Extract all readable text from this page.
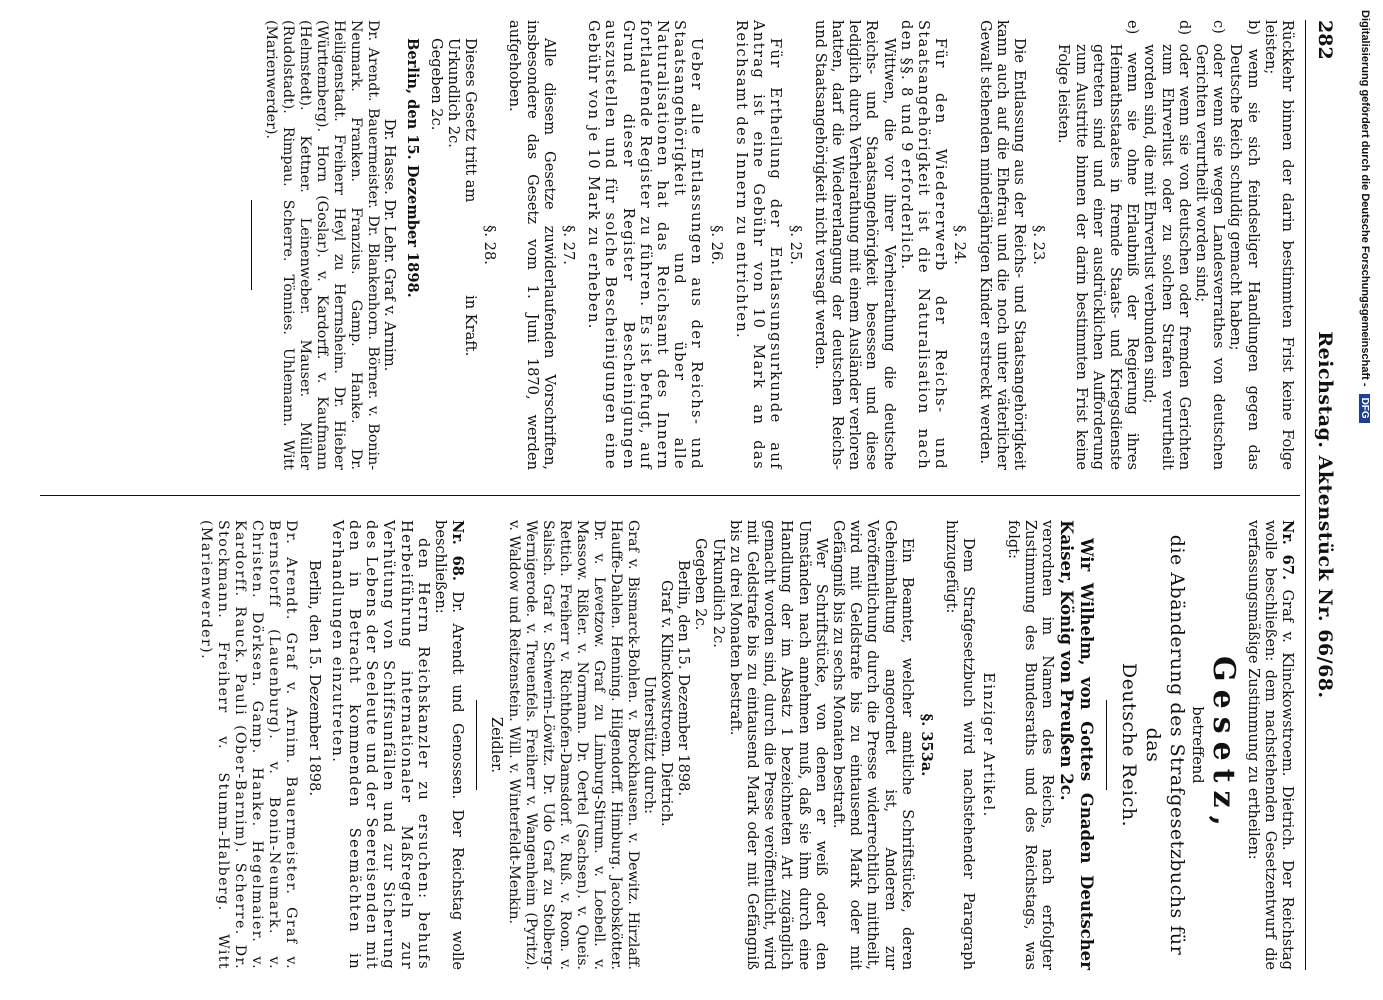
282
Reichstag. Aktenstück Nr. 66/68.

Rückkehr binnen der darin bestimmten Frist keine Folge leisten;

b) wenn sie sich feindseliger Handlungen gegen das Deutsche Reich schuldig gemacht haben;

c) oder wenn sie wegen Landesverrathes von deutschen Gerichten verurtheilt worden sind;

d) oder wenn sie von deutschen oder fremden Gerichten zum Ehrverlust oder zu solchen Strafen verurtheilt worden sind, die mit Ehrverlust verbunden sind;

e) wenn sie ohne Erlaubniß der Regierung ihres Heimathsstaates in fremde Staats- und Kriegsdienste getreten sind und einer ausdrücklichen Aufforderung zum Austritte binnen der darin bestimmten Frist keine Folge leisten.

§. 23.

Die Entlassung aus der Reichs- und Staatsangehörigkeit kann auch auf die Ehefrau und die noch unter väterlicher Gewalt stehenden minderjährigen Kinder erstreckt werden.

§. 24.

Für den Wiedererwerb der Reichs- und Staatsangehörigkeit ist die Naturalisation nach den §§. 8 und 9 erforderlich.

Wittwen, die vor ihrer Verheirathung die deutsche Reichs- und Staatsangehörigkeit besessen und diese lediglich durch Verheirathung mit einem Ausländer verloren hatten, darf die Wiedererlangung der deutschen Reichs- und Staatsangehörigkeit nicht versagt werden.

§. 25.

Für Ertheilung der Entlassungsurkunde auf Antrag ist eine Gebühr von 10 Mark an das Reichsamt des Innern zu entrichten.

§. 26.

Ueber alle Entlassungen aus der Reichs- und Staatsangehörigkeit und über alle Naturalisationen hat das Reichsamt des Innern fortlaufende Register zu führen. Es ist befugt, auf Grund dieser Register Bescheinigungen auszustellen und für solche Bescheinigungen eine Gebühr von je 10 Mark zu erheben.

§. 27.

Alle diesem Gesetze zuwiderlaufenden Vorschriften, insbesondere das Gesetz vom 1. Juni 1870, werden aufgehoben.

§. 28.

Dieses Gesetz tritt am                    in Kraft.

Urkundlich 2c.

Gegeben 2c.

Berlin, den 15. Dezember 1898.

Dr. Hasse. Dr. Lehr. Graf v. Arnim.

Dr. Arendt. Bauermeister. Dr. Blankenhorn. Börner. v. Bonin-Neumark. Franken. Franzius. Gamp. Hanke. Dr. Heiligenstadt. Freiherr Heyl zu Herrnsheim. Dr. Hieber (Württemberg). Horn (Goslar). v. Kardorff. v. Kaufmann (Helmstedt). Kettner. Leinenweber. Mauser. Müller (Rudolstadt). Rimpau. Scherre. Tönnies. Uhlemann. Witt (Marienwerder).

Nr. 67. Graf v. Klinckowstroem. Dietrich. Der Reichstag wolle beschließen: dem nachstehenden Gesetzentwurf die verfassungsmäßige Zustimmung zu ertheilen:

Gesetz,

betreffend

die Abänderung des Strafgesetzbuchs für das

Deutsche Reich.

Wir Wilhelm, von Gottes Gnaden Deutscher Kaiser, König von Preußen 2c.

verordnen im Namen des Reichs, nach erfolgter Zustimmung des Bundesraths und des Reichstags, was folgt:

Einziger Artikel.

Dem Strafgesetzbuch wird nachstehender Paragraph hinzugefügt:

§. 353a.

Ein Beamter, welcher amtliche Schriftstücke, deren Geheimhaltung angeordnet ist, Anderen zur Veröffentlichung durch die Presse widerrechtlich mittheilt, wird mit Geldstrafe bis zu eintausend Mark oder mit Gefängniß bis zu sechs Monaten bestraft.

Wer Schriftstücke, von denen er weiß oder den Umständen nach annehmen muß, daß sie ihm durch eine Handlung der im Absatz 1 bezeichneten Art zugänglich gemacht worden sind, durch die Presse veröffentlicht, wird mit Geldstrafe bis zu eintausend Mark oder mit Gefängniß bis zu drei Monaten bestraft.

Urkundlich 2c.

Gegeben 2c.

Berlin, den 15. Dezember 1898.

Graf v. Klinckowstroem. Dietrich.

Unterstützt durch:

Graf v. Bismarck-Bohlen. v. Brockhausen. v. Dewitz. Hirzlaff. Hauffe-Dahlen. Henning. Hilgendorff. Himburg. Jacobskötter. Dr. v. Levetzow. Graf zu Limburg-Stirum. v. Loebell. v. Massow. Rißler. v. Normann. Dr. Oertel (Sachsen). v. Queis. Rettich. Freiherr v. Richthofen-Damsdorf. v. Ruß. v. Roon. v. Salisch. Graf v. Schwerin-Löwitz. Dr. Udo Graf zu Stolberg-Wernigerode. v. Treuenfels. Freiherr v. Wangenheim (Pyritz). v. Waldow und Reitzenstein. Will. v. Winterfeldt-Menkin.

Zeidler.

Nr. 68. Dr. Arendt und Genossen. Der Reichstag wolle beschließen:

den Herrn Reichskanzler zu ersuchen: behufs Herbeiführung internationaler Maßregeln zur Verhütung von Schiffsunfällen und zur Sicherung des Lebens der Seeleute und der Seereisenden mit den in Betracht kommenden Seemächten in Verhandlungen einzutreten.

Berlin, den 15. Dezember 1898.

Dr. Arendt. Graf v. Arnim. Bauermeister. Graf v. Bernstorff (Lauenburg). v. Bonin-Neumark. v. Christen. Dörksen. Gamp. Hanke. Hegelmaier. v. Kardorff. Rauck. Pauli (Ober-Barnim). Scherre. Dr. Stockmann. Freiherr v. Stumm-Halberg. Witt (Marienwerder).

Digitalisierung gefördert durch die Deutsche Forschungsgemeinschaft - DFG
